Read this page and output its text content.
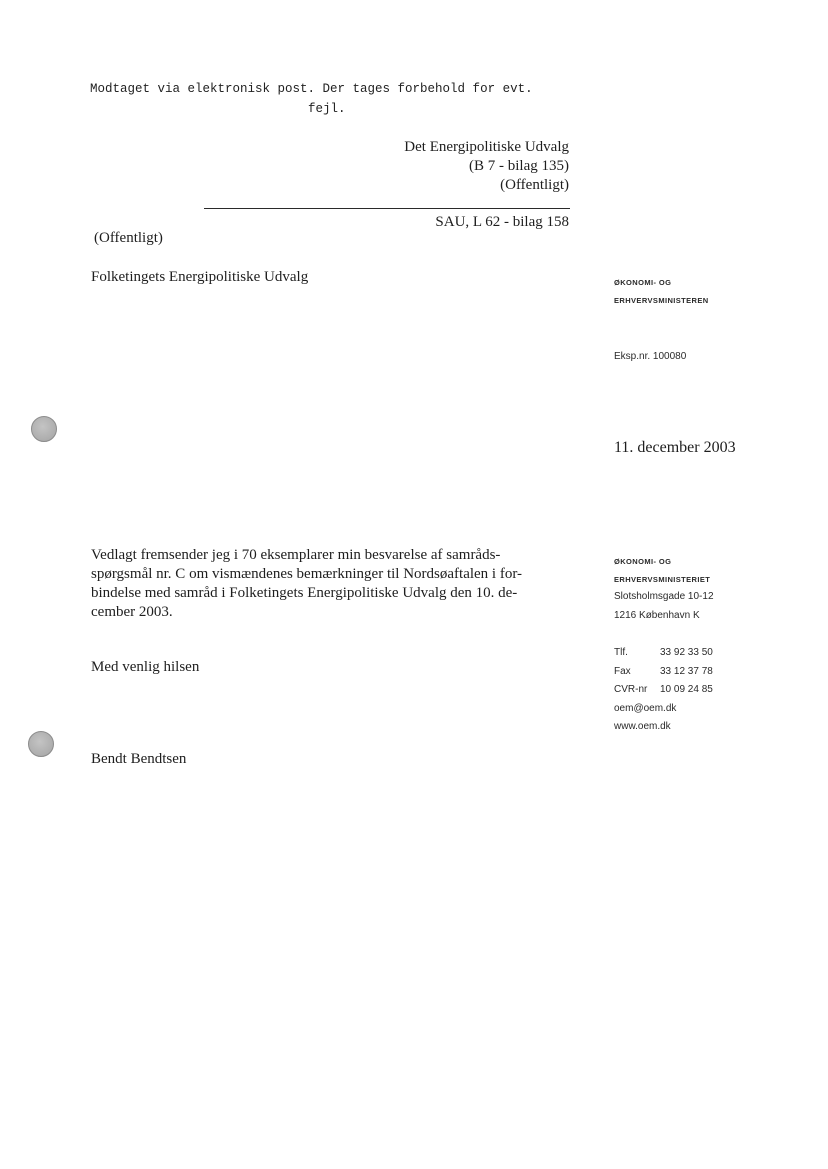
Modtaget via elektronisk post. Der tages forbehold for evt.
fejl.
Det Energipolitiske Udvalg
(B 7 - bilag 135)
(Offentligt)
SAU, L 62 - bilag 158
(Offentligt)
Folketingets Energipolitiske Udvalg	ØKONOMI- OG
ERHVERVSMINISTEREN
Eksp.nr. 100080
11. december 2003
Vedlagt fremsender jeg i 70 eksemplarer min besvarelse af samråds-
spørgsmål nr. C om vismændenes bemærkninger til Nordsøaftalen i for-
bindelse med samråd i Folketingets Energipolitiske Udvalg den 10. de-
cember 2003.
Med venlig hilsen
Bendt Bendtsen
ØKONOMI- OG
ERHVERVSMINISTERIET
Slotsholmsgade 10-12
1216 København K
Tlf.	33 92 33 50
Fax	33 12 37 78
CVR-nr	10 09 24 85
oem@oem.dk
www.oem.dk
